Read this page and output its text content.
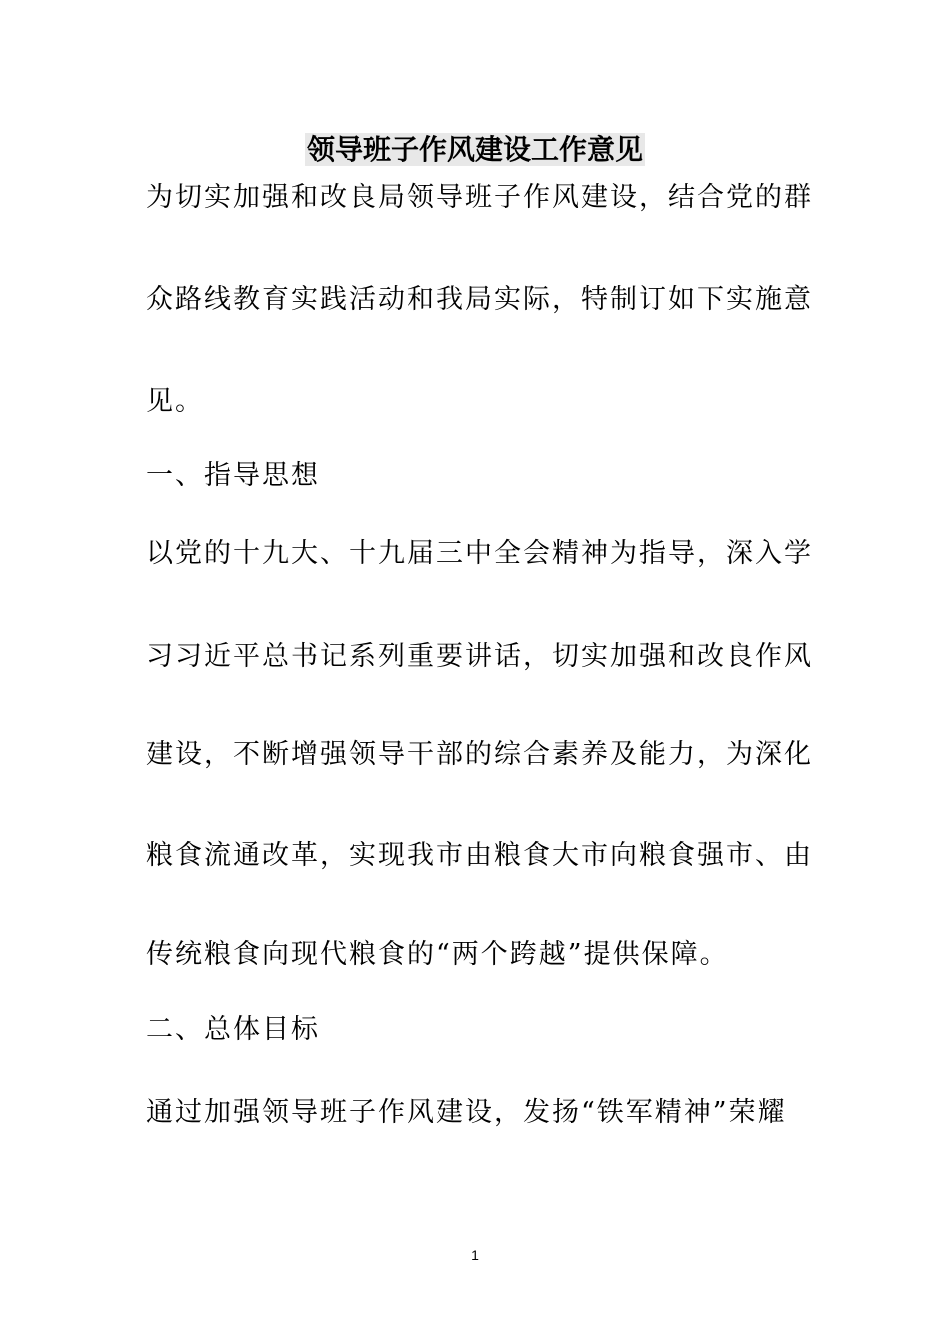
领导班子作风建设工作意见
为切实加强和改良局领导班子作风建设，结合党的群
众路线教育实践活动和我局实际，特制订如下实施意
见。
一、指导思想
以党的十九大、十九届三中全会精神为指导，深入学
习习近平总书记系列重要讲话，切实加强和改良作风
建设，不断增强领导干部的综合素养及能力，为深化
粮食流通改革，实现我市由粮食大市向粮食强市、由
传统粮食向现代粮食的“两个跨越”提供保障。
二、总体目标
通过加强领导班子作风建设，发扬“铁军精神”荣耀
1
